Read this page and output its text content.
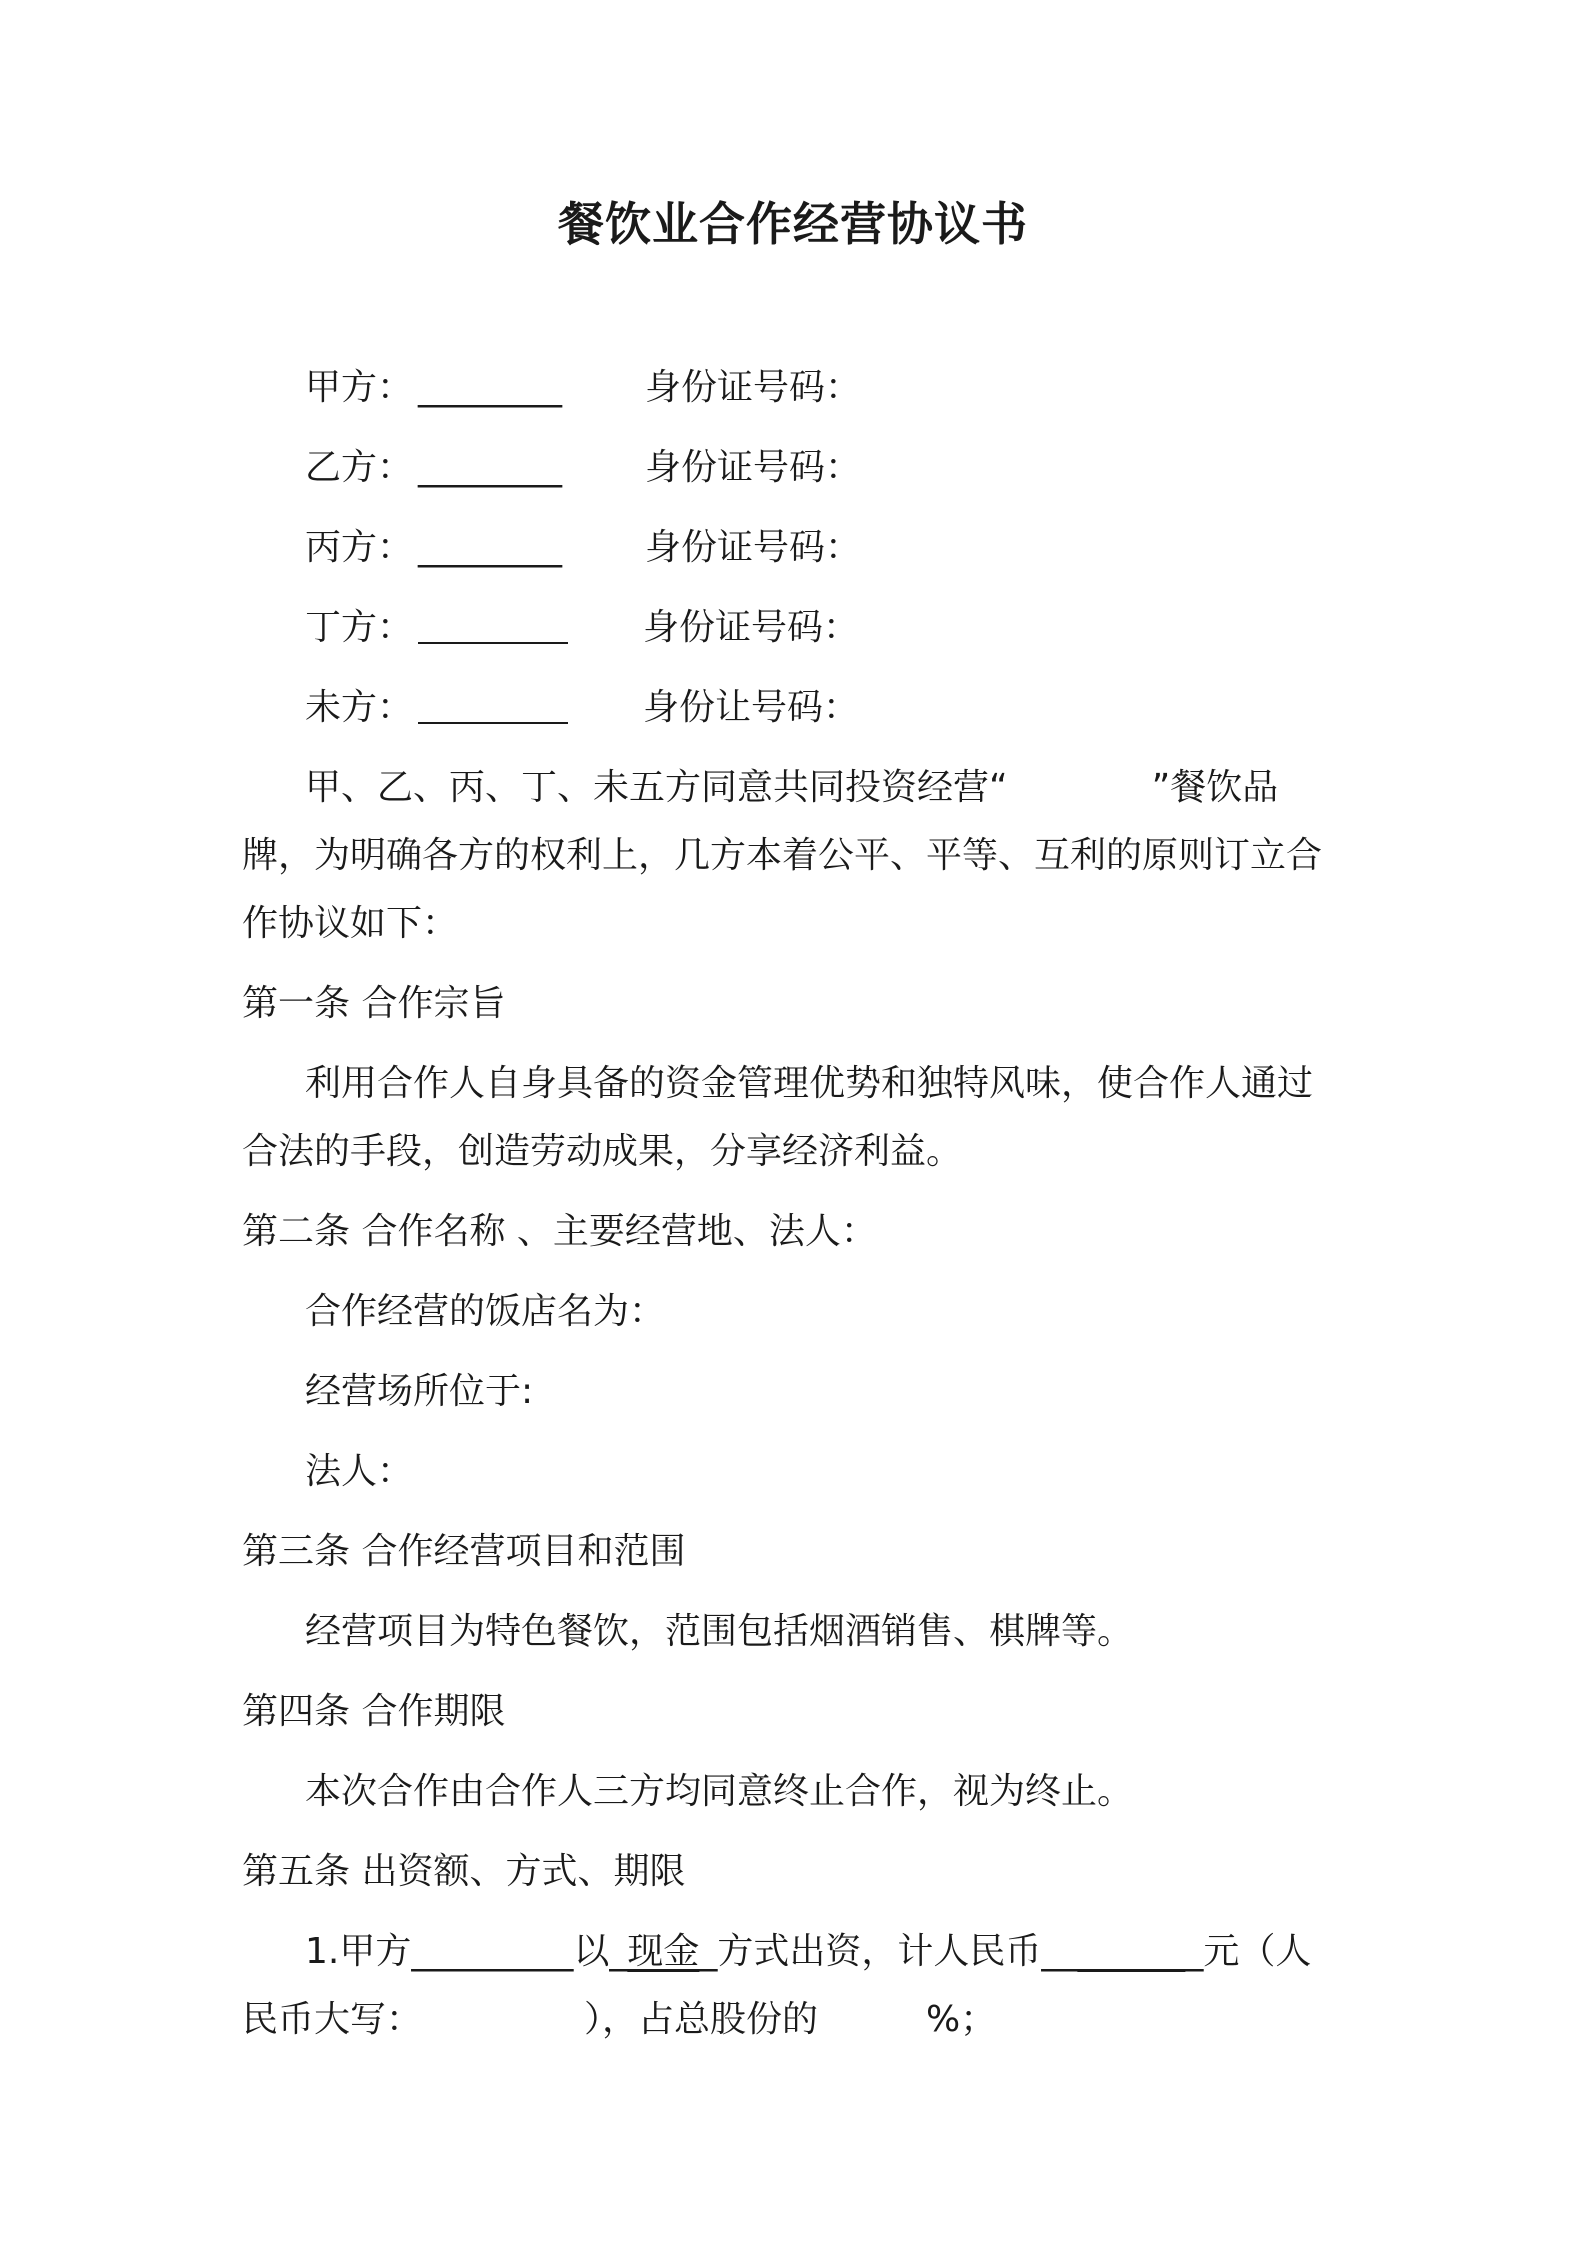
餐饮业合作经营协议书
甲方： ________ 身份证号码：
乙方： ________ 身份证号码：
丙方： ________ 身份证号码：
丁方：	身份证号码：
未方：	身份让号码：
甲、乙、丙、丁、未五方同意共同投资经营“　　　　”餐饮品
牌，为明确各方的权利上，几方本着公平、平等、互利的原则订立合
作协议如下：
第一条 合作宗旨
利用合作人自身具备的资金管理优势和独特风味，使合作人通过
合法的手段，创造劳动成果，分享经济利益。
第二条 合作名称 、主要经营地、法人：
合作经营的饭店名为：
经营场所位于:
法人：
第三条 合作经营项目和范围
经营项目为特色餐饮，范围包括烟酒销售、棋牌等。
第四条 合作期限
本次合作由合作人三方均同意终止合作，视为终止。
第五条 出资额、方式、期限
1.甲方_________以_现金_方式出资，计人民币_________元（人
民币大写：　　　　　），占总股份的　　　%；
